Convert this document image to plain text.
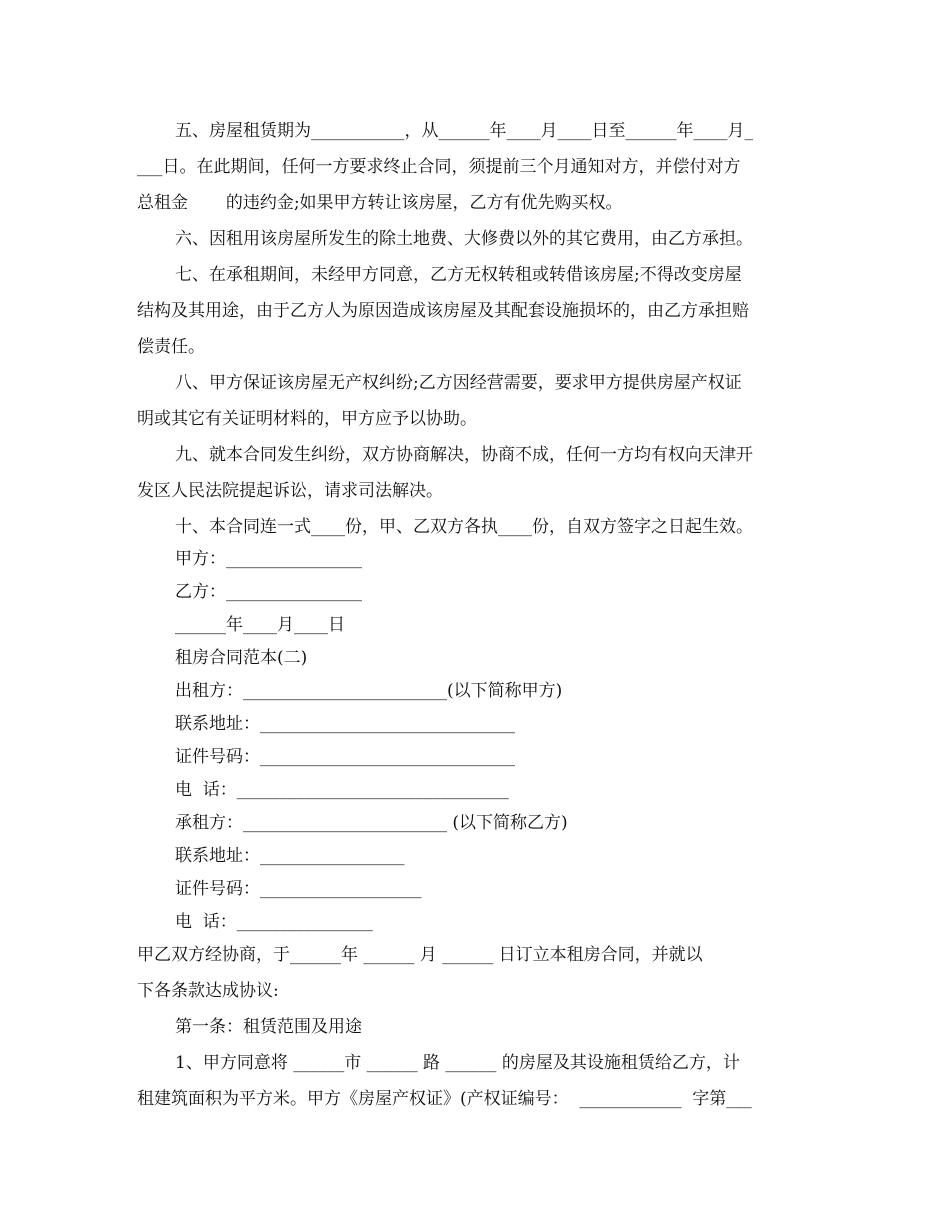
五、房屋租赁期为___________，从______年____月____日至______年____月_
___日。在此期间，任何一方要求终止合同，须提前三个月通知对方，并偿付对方
总租金       的违约金;如果甲方转让该房屋，乙方有优先购买权。
六、因租用该房屋所发生的除土地费、大修费以外的其它费用，由乙方承担。
七、在承租期间，未经甲方同意，乙方无权转租或转借该房屋;不得改变房屋
结构及其用途，由于乙方人为原因造成该房屋及其配套设施损坏的，由乙方承担赔
偿责任。
八、甲方保证该房屋无产权纠纷;乙方因经营需要，要求甲方提供房屋产权证
明或其它有关证明材料的，甲方应予以协助。
九、就本合同发生纠纷，双方协商解决，协商不成，任何一方均有权向天津开
发区人民法院提起诉讼，请求司法解决。
十、本合同连一式____份，甲、乙双方各执____份，自双方签字之日起生效。
甲方：________________
乙方：________________
______年____月____日
租房合同范本(二)
出租方：________________________(以下简称甲方)
联系地址：______________________________
证件号码：______________________________
电  话：________________________________
承租方：________________________ (以下简称乙方)
联系地址：_________________
证件号码：___________________
电  话：________________
甲乙双方经协商，于______年 ______ 月 ______ 日订立本租房合同，并就以
下各条款达成协议:
第一条：租赁范围及用途
1、甲方同意将 ______市 ______ 路 ______ 的房屋及其设施租赁给乙方，计
租建筑面积为平方米。甲方《房屋产权证》(产权证编号：  ____________  字第___
